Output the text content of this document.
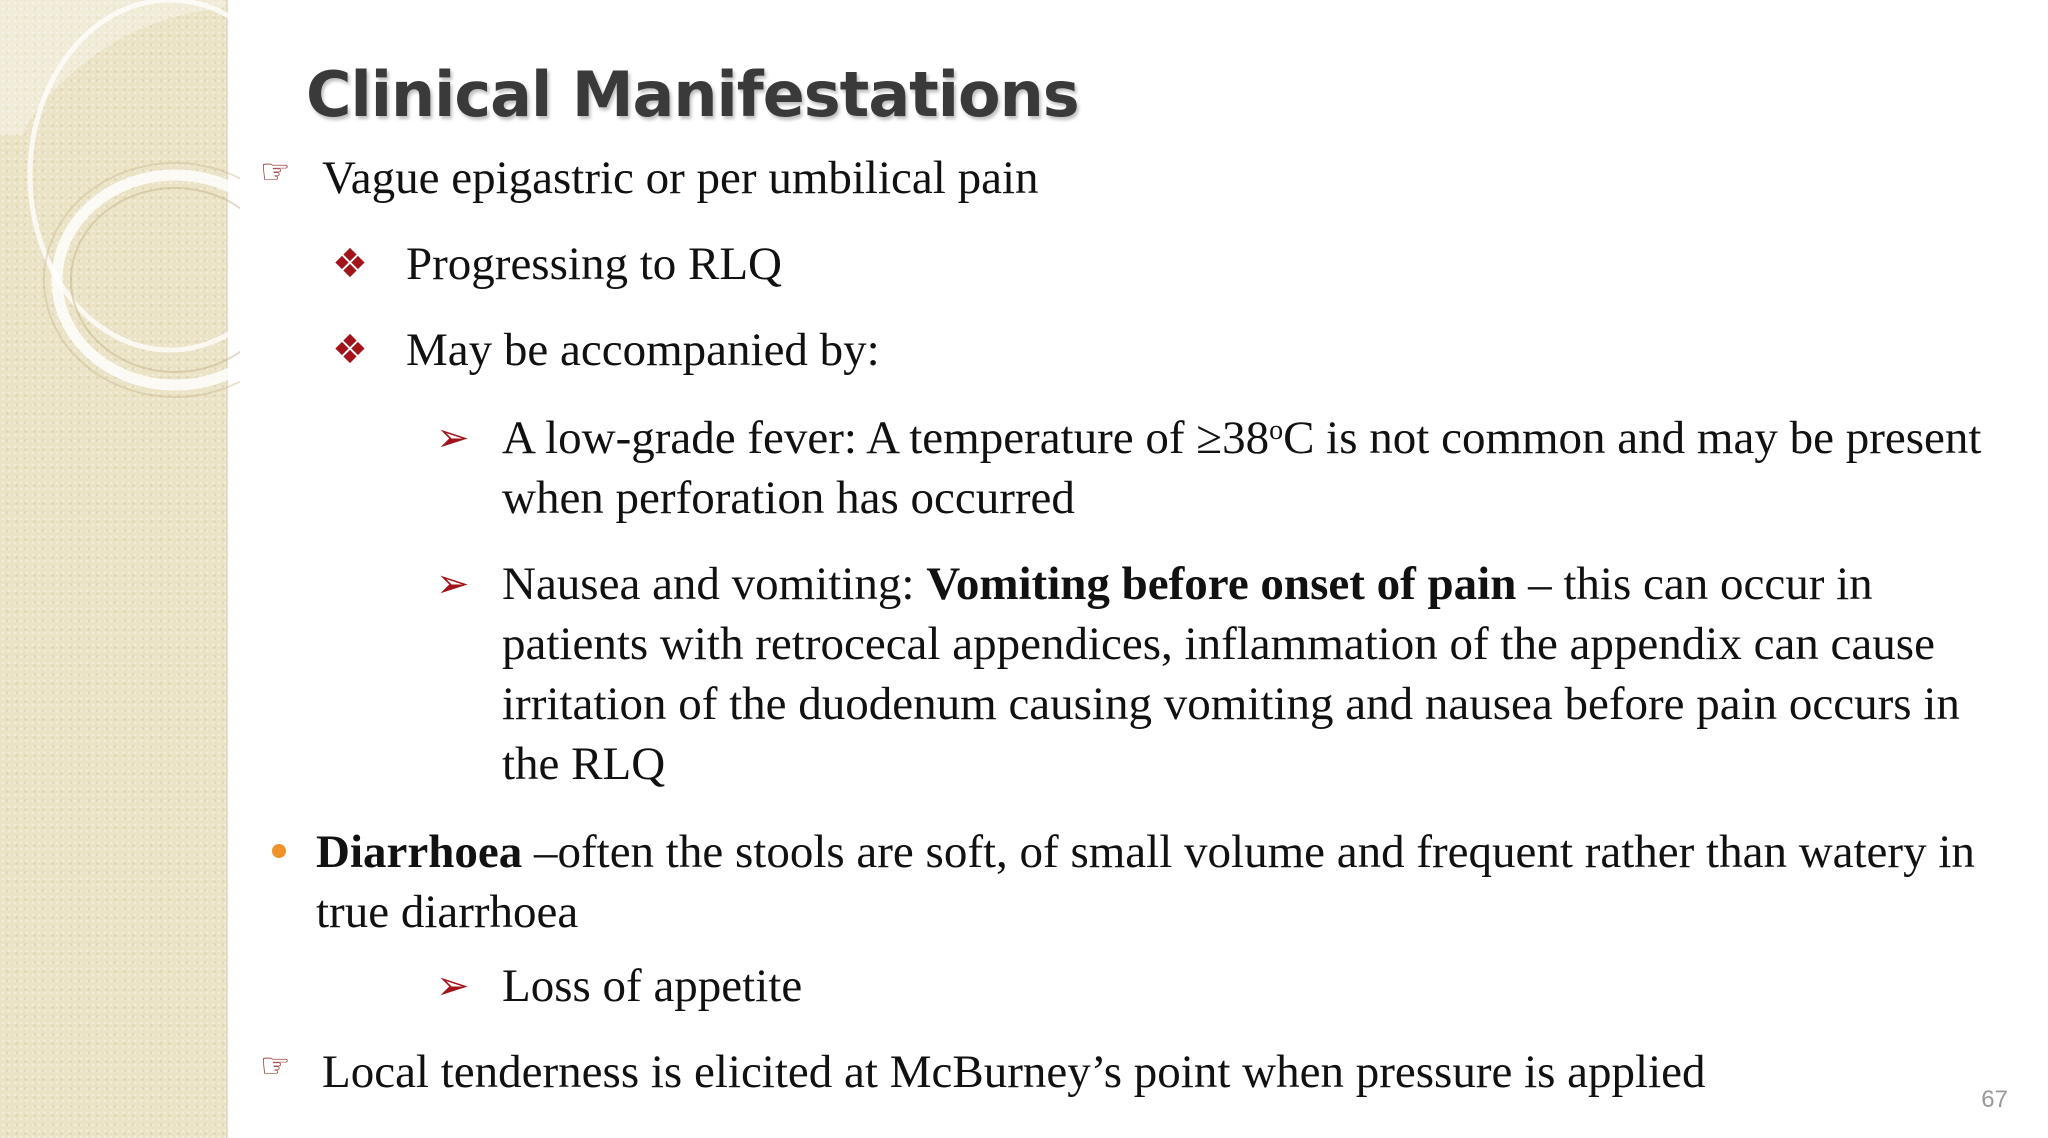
Clinical Manifestations
☞ Vague epigastric or per umbilical pain
❖ Progressing to RLQ
❖ May be accompanied by:
➢ A low-grade fever: A temperature of $\ge 38^oC$ is not common and may be present when perforation has occurred
➢ Nausea and vomiting: Vomiting before onset of pain – this can occur in patients with retrocecal appendices, inflammation of the appendix can cause irritation of the duodenum causing vomiting and nausea before pain occurs in the RLQ
Diarrhoea –often the stools are soft, of small volume and frequent rather than watery in true diarrhoea
➢ Loss of appetite
☞ Local tenderness is elicited at McBurney’s point when pressure is applied
67
